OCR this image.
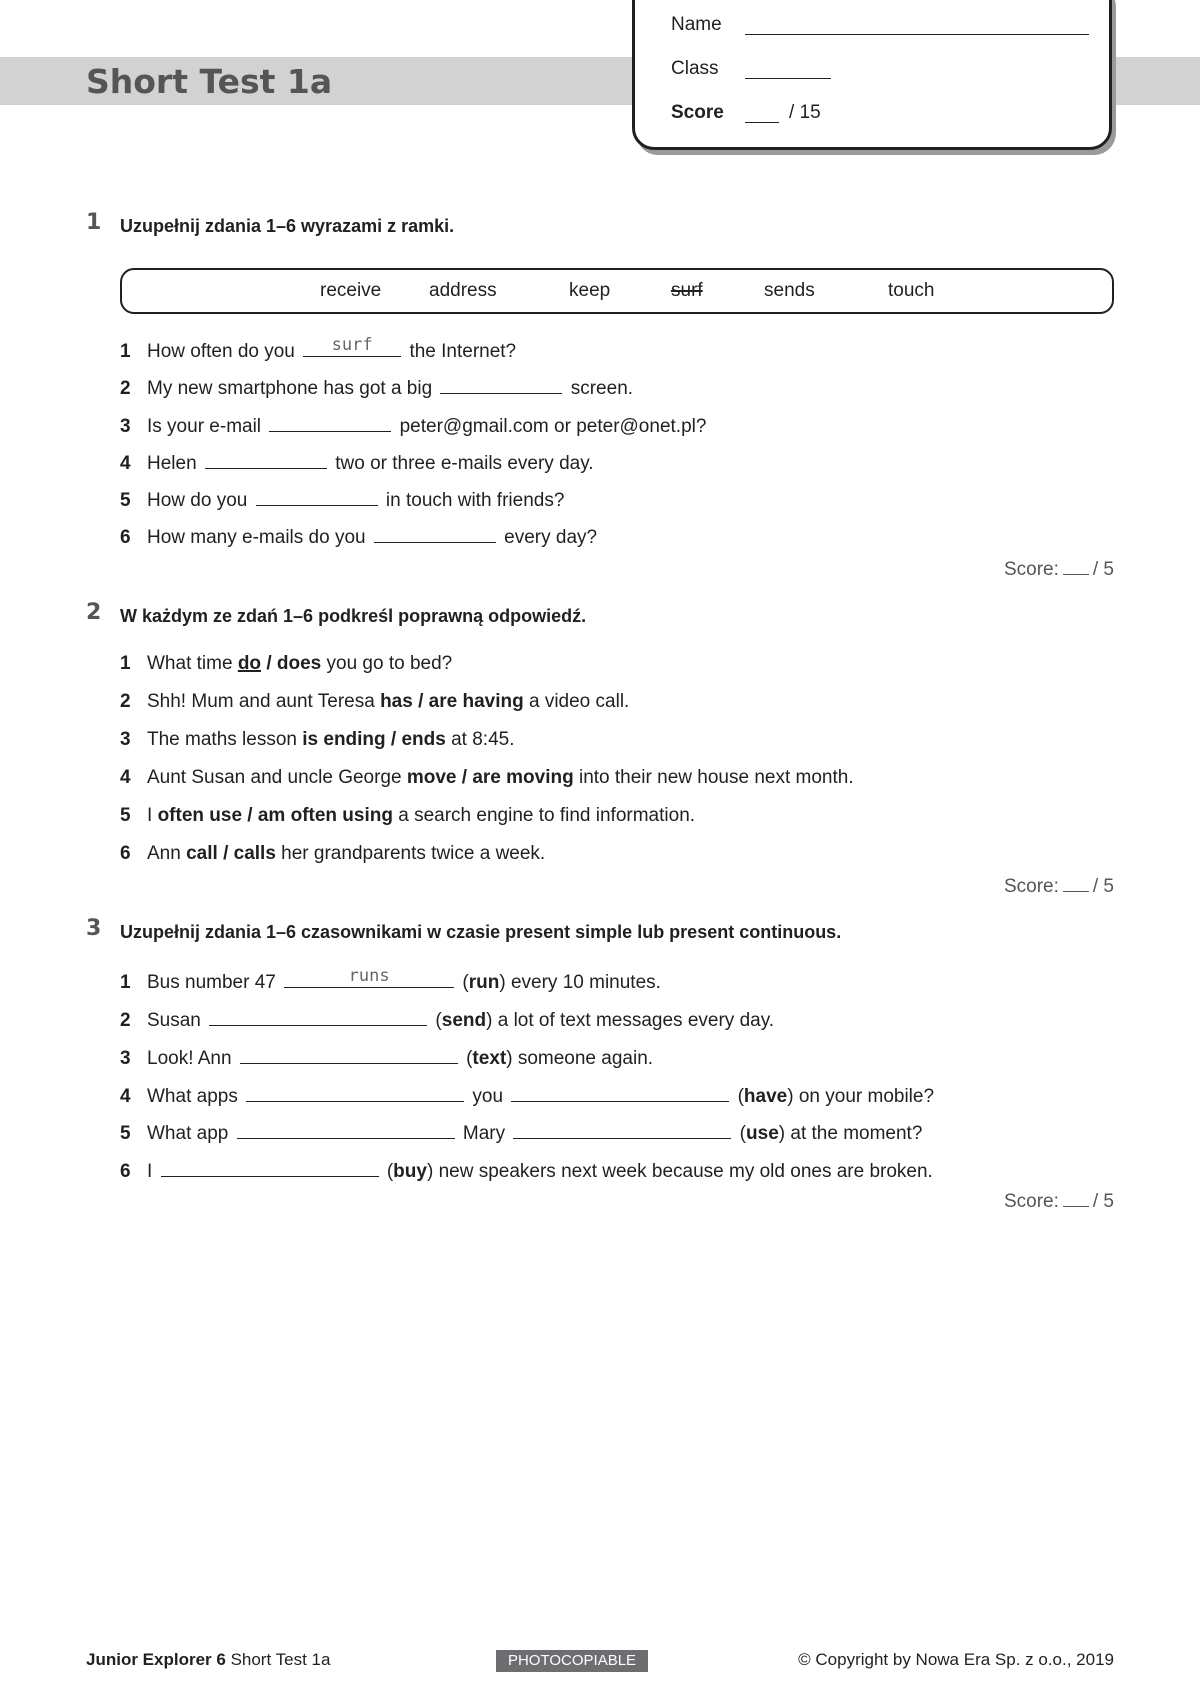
Short Test 1a
Name
Class
Score	/ 15
1 Uzupełnij zdania 1–6 wyrazami z ramki.
receive	address	keep	surf	sends	touch
1 How often do you	surf	the Internet?
2 My new smartphone has got a big	screen.
3 Is your e-mail	peter@gmail.com or peter@onet.pl?
4 Helen	two or three e-mails every day.
5 How do you	in touch with friends?
6 How many e-mails do you	every day?
Score: / 5
2 W każdym ze zdań 1–6 podkreśl poprawną odpowiedź.
1 What time do / does you go to bed?
2 Shh! Mum and aunt Teresa has / are having a video call.
3 The maths lesson is ending / ends at 8:45.
4 Aunt Susan and uncle George move / are moving into their new house next month.
5 I often use / am often using a search engine to find information.
6 Ann call / calls her grandparents twice a week.
Score: / 5
3 Uzupełnij zdania 1–6 czasownikami w czasie present simple lub present continuous.
1 Bus number 47	runs	(run) every 10 minutes.
2 Susan	(send) a lot of text messages every day.
3 Look! Ann	(text) someone again.
4 What apps	you	(have) on your mobile?
5 What app	Mary	(use) at the moment?
6 I	(buy) new speakers next week because my old ones are broken.
Score: / 5
Junior Explorer 6 Short Test 1a	PHOTOCOPIABLE	© Copyright by Nowa Era Sp. z o.o., 2019
